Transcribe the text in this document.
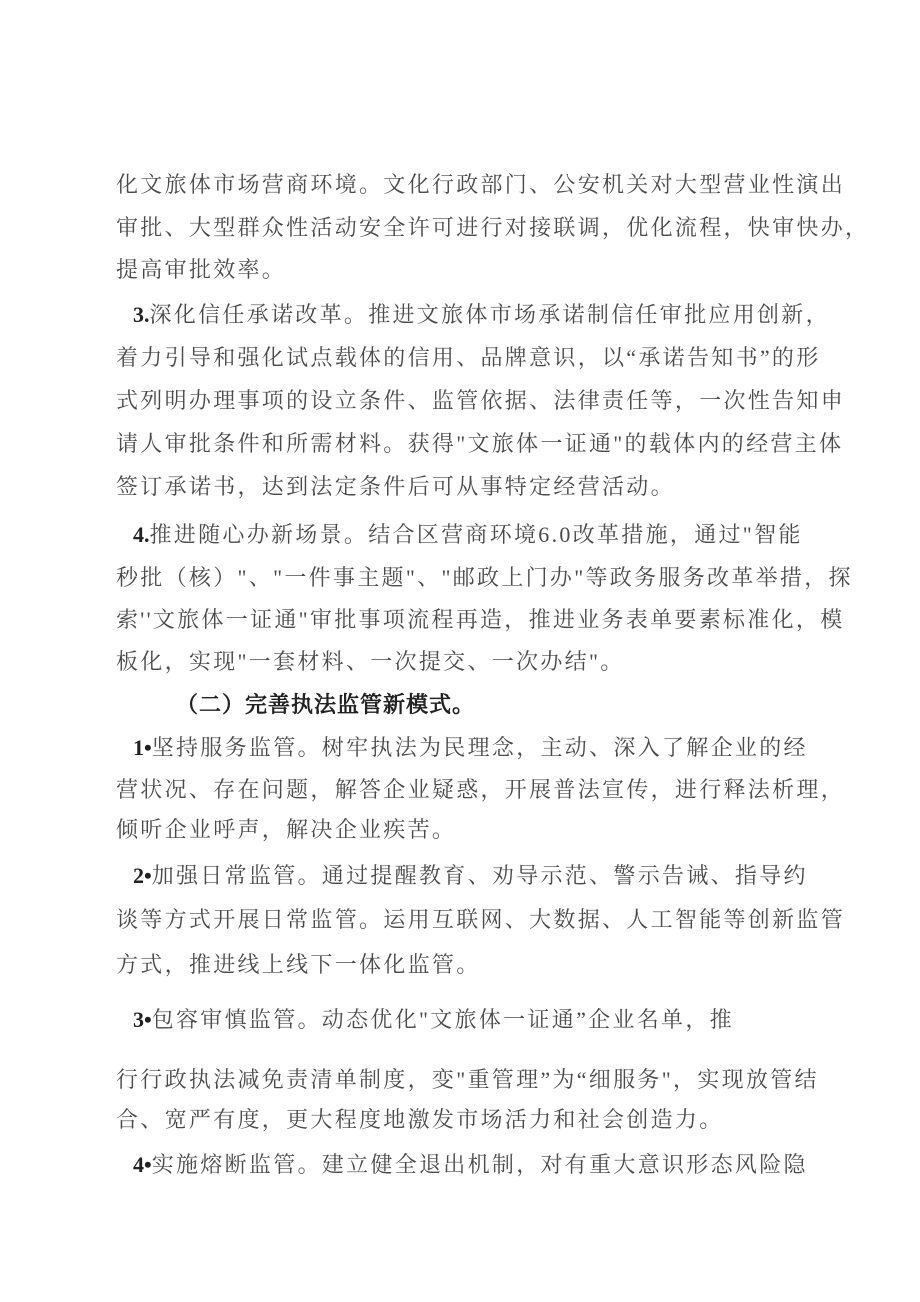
化文旅体市场营商环境。文化行政部门、公安机关对大型营业性演出
审批、大型群众性活动安全许可进行对接联调，优化流程，快审快办，
提高审批效率。
3.深化信任承诺改革。推进文旅体市场承诺制信任审批应用创新，
着力引导和强化试点载体的信用、品牌意识，以“承诺告知书”的形
式列明办理事项的设立条件、监管依据、法律责任等，一次性告知申
请人审批条件和所需材料。获得"文旅体一证通"的载体内的经营主体
签订承诺书，达到法定条件后可从事特定经营活动。
4.推进随心办新场景。结合区营商环境6.0改革措施，通过"智能
秒批（核）"、"一件事主题"、"邮政上门办"等政务服务改革举措，探
索''文旅体一证通"审批事项流程再造，推进业务表单要素标准化，模
板化，实现"一套材料、一次提交、一次办结"。
（二）完善执法监管新模式。
1•坚持服务监管。树牢执法为民理念，主动、深入了解企业的经
营状况、存在问题，解答企业疑惑，开展普法宣传，进行释法析理，
倾听企业呼声，解决企业疾苦。
2•加强日常监管。通过提醒教育、劝导示范、警示告诫、指导约
谈等方式开展日常监管。运用互联网、大数据、人工智能等创新监管
方式，推进线上线下一体化监管。
3•包容审慎监管。动态优化"文旅体一证通”企业名单，推
行行政执法减免责清单制度，变"重管理”为“细服务"，实现放管结
合、宽严有度，更大程度地激发市场活力和社会创造力。
4•实施熔断监管。建立健全退出机制，对有重大意识形态风险隐
